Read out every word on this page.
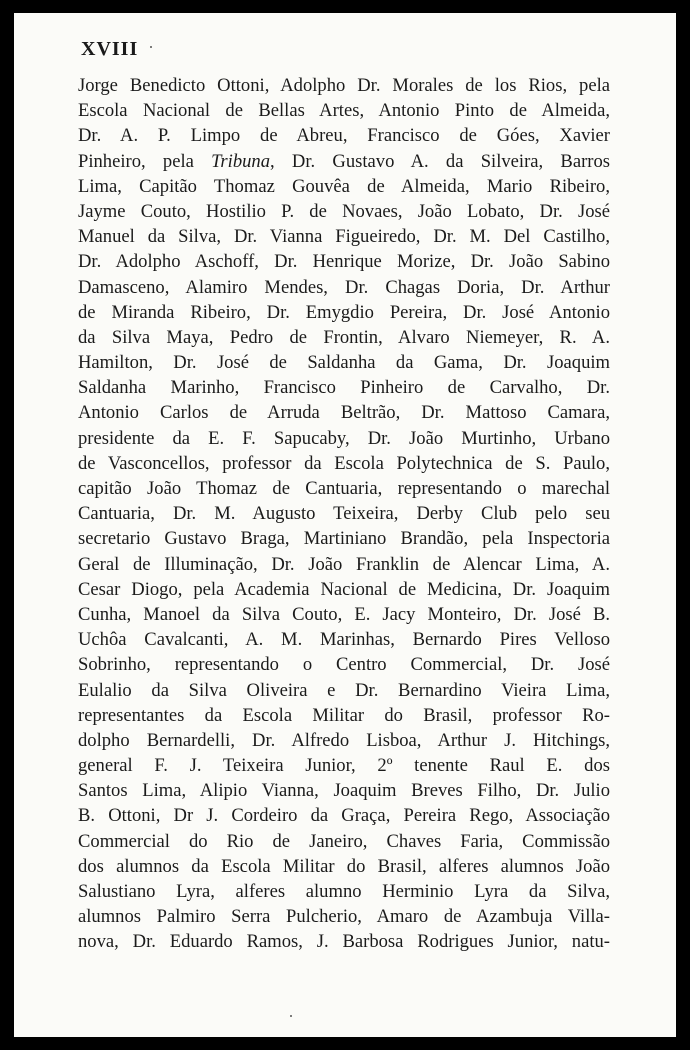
XVIII
Jorge Benedicto Ottoni, Adolpho Dr. Morales de los Rios, pela
Escola Nacional de Bellas Artes, Antonio Pinto de Almeida,
Dr. A. P. Limpo de Abreu, Francisco de Góes, Xavier
Pinheiro, pela Tribuna, Dr. Gustavo A. da Silveira, Barros
Lima, Capitão Thomaz Gouvêa de Almeida, Mario Ribeiro,
Jayme Couto, Hostilio P. de Novaes, João Lobato, Dr. José
Manuel da Silva, Dr. Vianna Figueiredo, Dr. M. Del Castilho,
Dr. Adolpho Aschoff, Dr. Henrique Morize, Dr. João Sabino
Damasceno, Alamiro Mendes, Dr. Chagas Doria, Dr. Arthur
de Miranda Ribeiro, Dr. Emygdio Pereira, Dr. José Antonio
da Silva Maya, Pedro de Frontin, Alvaro Niemeyer, R. A.
Hamilton, Dr. José de Saldanha da Gama, Dr. Joaquim
Saldanha Marinho, Francisco Pinheiro de Carvalho, Dr.
Antonio Carlos de Arruda Beltrão, Dr. Mattoso Camara,
presidente da E. F. Sapucaby, Dr. João Murtinho, Urbano
de Vasconcellos, professor da Escola Polytechnica de S. Paulo,
capitão João Thomaz de Cantuaria, representando o marechal
Cantuaria, Dr. M. Augusto Teixeira, Derby Club pelo seu
secretario Gustavo Braga, Martiniano Brandão, pela Inspectoria
Geral de Illuminação, Dr. João Franklin de Alencar Lima, A.
Cesar Diogo, pela Academia Nacional de Medicina, Dr. Joaquim
Cunha, Manoel da Silva Couto, E. Jacy Monteiro, Dr. José B.
Uchôa Cavalcanti, A. M. Marinhas, Bernardo Pires Velloso
Sobrinho, representando o Centro Commercial, Dr. José
Eulalio da Silva Oliveira e Dr. Bernardino Vieira Lima,
representantes da Escola Militar do Brasil, professor Ro-
dolpho Bernardelli, Dr. Alfredo Lisboa, Arthur J. Hitchings,
general F. J. Teixeira Junior, 2º tenente Raul E. dos
Santos Lima, Alipio Vianna, Joaquim Breves Filho, Dr. Julio
B. Ottoni, Dr J. Cordeiro da Graça, Pereira Rego, Associação
Commercial do Rio de Janeiro, Chaves Faria, Commissão
dos alumnos da Escola Militar do Brasil, alferes alumnos João
Salustiano Lyra, alferes alumno Herminio Lyra da Silva,
alumnos Palmiro Serra Pulcherio, Amaro de Azambuja Villa-
nova, Dr. Eduardo Ramos, J. Barbosa Rodrigues Junior, natu-
